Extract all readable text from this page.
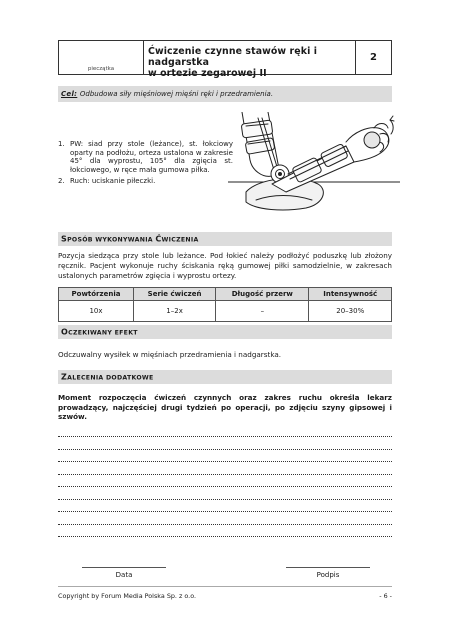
pieczątka
Ćwiczenie czynne stawów ręki i nadgarstka
w ortezie zegarowej II
2
Cel: Odbudowa siły mięśniowej mięśni ręki i przedramienia.
1. PW: siad przy stole (leżance), st. łokciowy oparty na podłożu, orteza ustalona w zakresie 45° dla wyprostu, 105° dla zgięcia st. łokciowego, w ręce mała gumowa piłka.
2. Ruch: uciskanie piłeczki.
SPOSÓB WYKONYWANIA ĆWICZENIA
Pozycja siedząca przy stole lub leżance. Pod łokieć należy podłożyć poduszkę lub złożony ręcznik. Pacjent wykonuje ruchy ściskania ręką gumowej piłki samodzielnie, w zakresach ustalonych parametrów zgięcia i wyprostu ortezy.
Powtórzenia	Serie ćwiczeń	Długość przerw	Intensywność
10x	1–2x	–	20–30%
OCZEKIWANY EFEKT
Odczuwalny wysiłek w mięśniach przedramienia i nadgarstka.
ZALECENIA DODATKOWE
Moment rozpoczęcia ćwiczeń czynnych oraz zakres ruchu określa lekarz prowadzący, najczęściej drugi tydzień po operacji, po zdjęciu szyny gipsowej i szwów.
Data	Podpis
Copyright by Forum Media Polska Sp. z o.o.	- 6 -
